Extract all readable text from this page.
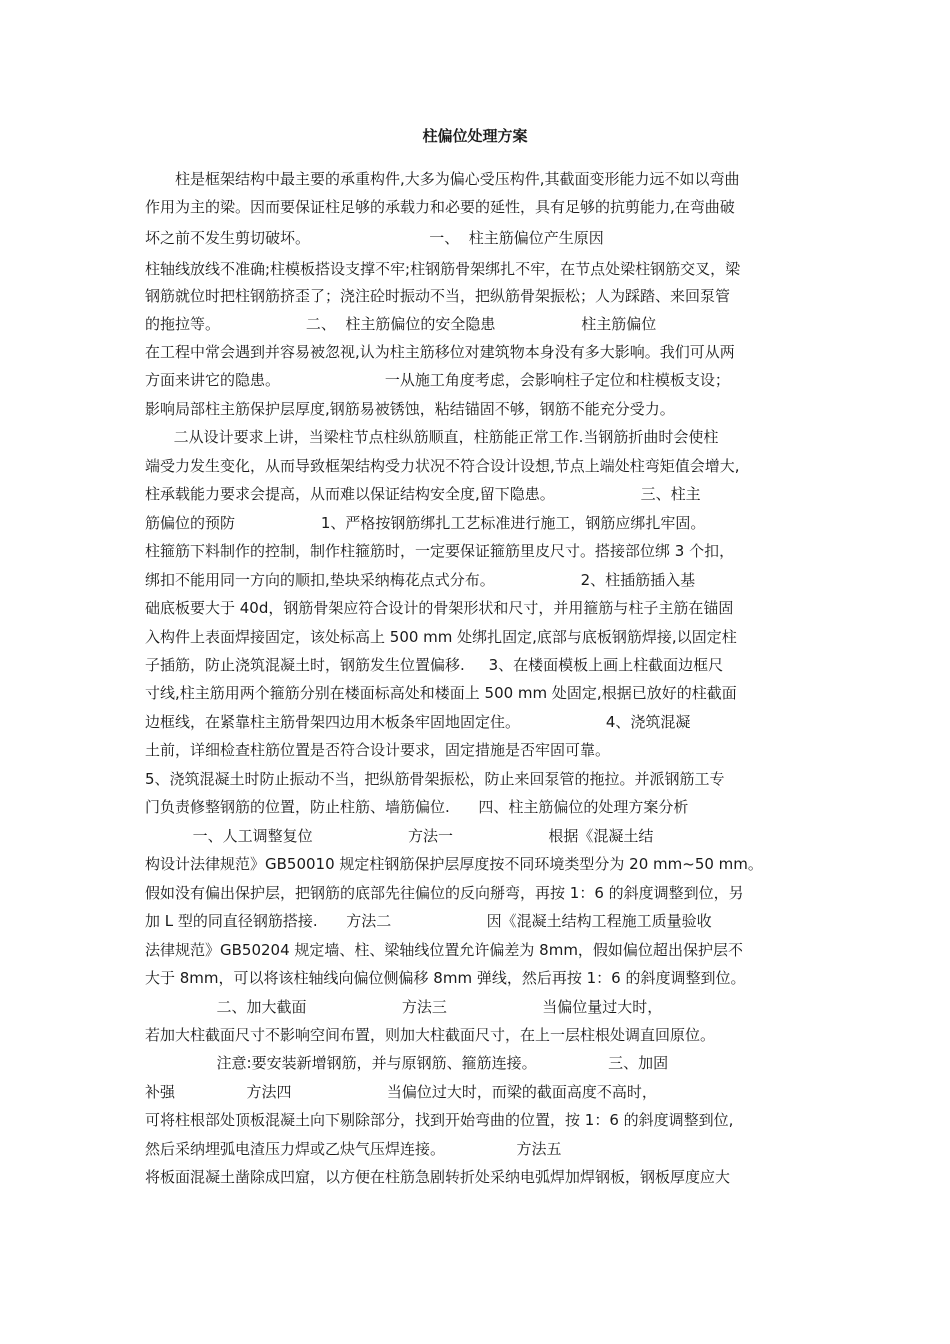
柱偏位处理方案
柱是框架结构中最主要的承重构件,大多为偏心受压构件,其截面变形能力远不如以弯曲
作用为主的梁。因而要保证柱足够的承载力和必要的延性，具有足够的抗剪能力,在弯曲破
坏之前不发生剪切破坏。                         一、  柱主筋偏位产生原因
柱轴线放线不准确;柱模板搭设支撑不牢;柱钢筋骨架绑扎不牢，在节点处梁柱钢筋交叉，梁
钢筋就位时把柱钢筋挤歪了；浇注砼时振动不当，把纵筋骨架振松；人为踩踏、来回泵管
的拖拉等。                  二、  柱主筋偏位的安全隐患                  柱主筋偏位
在工程中常会遇到并容易被忽视,认为柱主筋移位对建筑物本身没有多大影响。我们可从两
方面来讲它的隐患。                      一从施工角度考虑，会影响柱子定位和柱模板支设；
影响局部柱主筋保护层厚度,钢筋易被锈蚀，粘结锚固不够，钢筋不能充分受力。
二从设计要求上讲，当梁柱节点柱纵筋顺直，柱筋能正常工作.当钢筋折曲时会使柱
端受力发生变化，从而导致框架结构受力状况不符合设计设想,节点上端处柱弯矩值会增大,
柱承载能力要求会提高，从而难以保证结构安全度,留下隐患。                  三、柱主
筋偏位的预防                  1、严格按钢筋绑扎工艺标准进行施工，钢筋应绑扎牢固。
柱箍筋下料制作的控制，制作柱箍筋时，一定要保证箍筋里皮尺寸。搭接部位绑 3 个扣，
绑扣不能用同一方向的顺扣,垫块采纳梅花点式分布。                  2、柱插筋插入基
础底板要大于 40d，钢筋骨架应符合设计的骨架形状和尺寸，并用箍筋与柱子主筋在锚固
入构件上表面焊接固定，该处标高上 500 mm 处绑扎固定,底部与底板钢筋焊接,以固定柱
子插筋，防止浇筑混凝土时，钢筋发生位置偏移.     3、在楼面模板上画上柱截面边框尺
寸线,柱主筋用两个箍筋分别在楼面标高处和楼面上 500 mm 处固定,根据已放好的柱截面
边框线，在紧靠柱主筋骨架四边用木板条牢固地固定住。                  4、浇筑混凝
土前，详细检查柱筋位置是否符合设计要求，固定措施是否牢固可靠。
5、浇筑混凝土时防止振动不当，把纵筋骨架振松，防止来回泵管的拖拉。并派钢筋工专
门负责修整钢筋的位置，防止柱筋、墙筋偏位.      四、柱主筋偏位的处理方案分析
一、人工调整复位                    方法一                    根据《混凝土结
构设计法律规范》GB50010 规定柱钢筋保护层厚度按不同环境类型分为 20 mm~50 mm。
假如没有偏出保护层，把钢筋的底部先往偏位的反向掰弯，再按 1：6 的斜度调整到位，另
加 L 型的同直径钢筋搭接.      方法二                    因《混凝土结构工程施工质量验收
法律规范》GB50204 规定墙、柱、梁轴线位置允许偏差为 8mm，假如偏位超出保护层不
大于 8mm，可以将该柱轴线向偏位侧偏移 8mm 弹线，然后再按 1：6 的斜度调整到位。
二、加大截面                    方法三                    当偏位量过大时，
若加大柱截面尺寸不影响空间布置，则加大柱截面尺寸，在上一层柱根处调直回原位。
注意:要安装新增钢筋，并与原钢筋、箍筋连接。               三、加固
补强               方法四                    当偏位过大时，而梁的截面高度不高时，
可将柱根部处顶板混凝土向下剔除部分，找到开始弯曲的位置，按 1：6 的斜度调整到位,
然后采纳埋弧电渣压力焊或乙炔气压焊连接。               方法五
将板面混凝土凿除成凹窟，以方便在柱筋急剧转折处采纳电弧焊加焊钢板，钢板厚度应大
